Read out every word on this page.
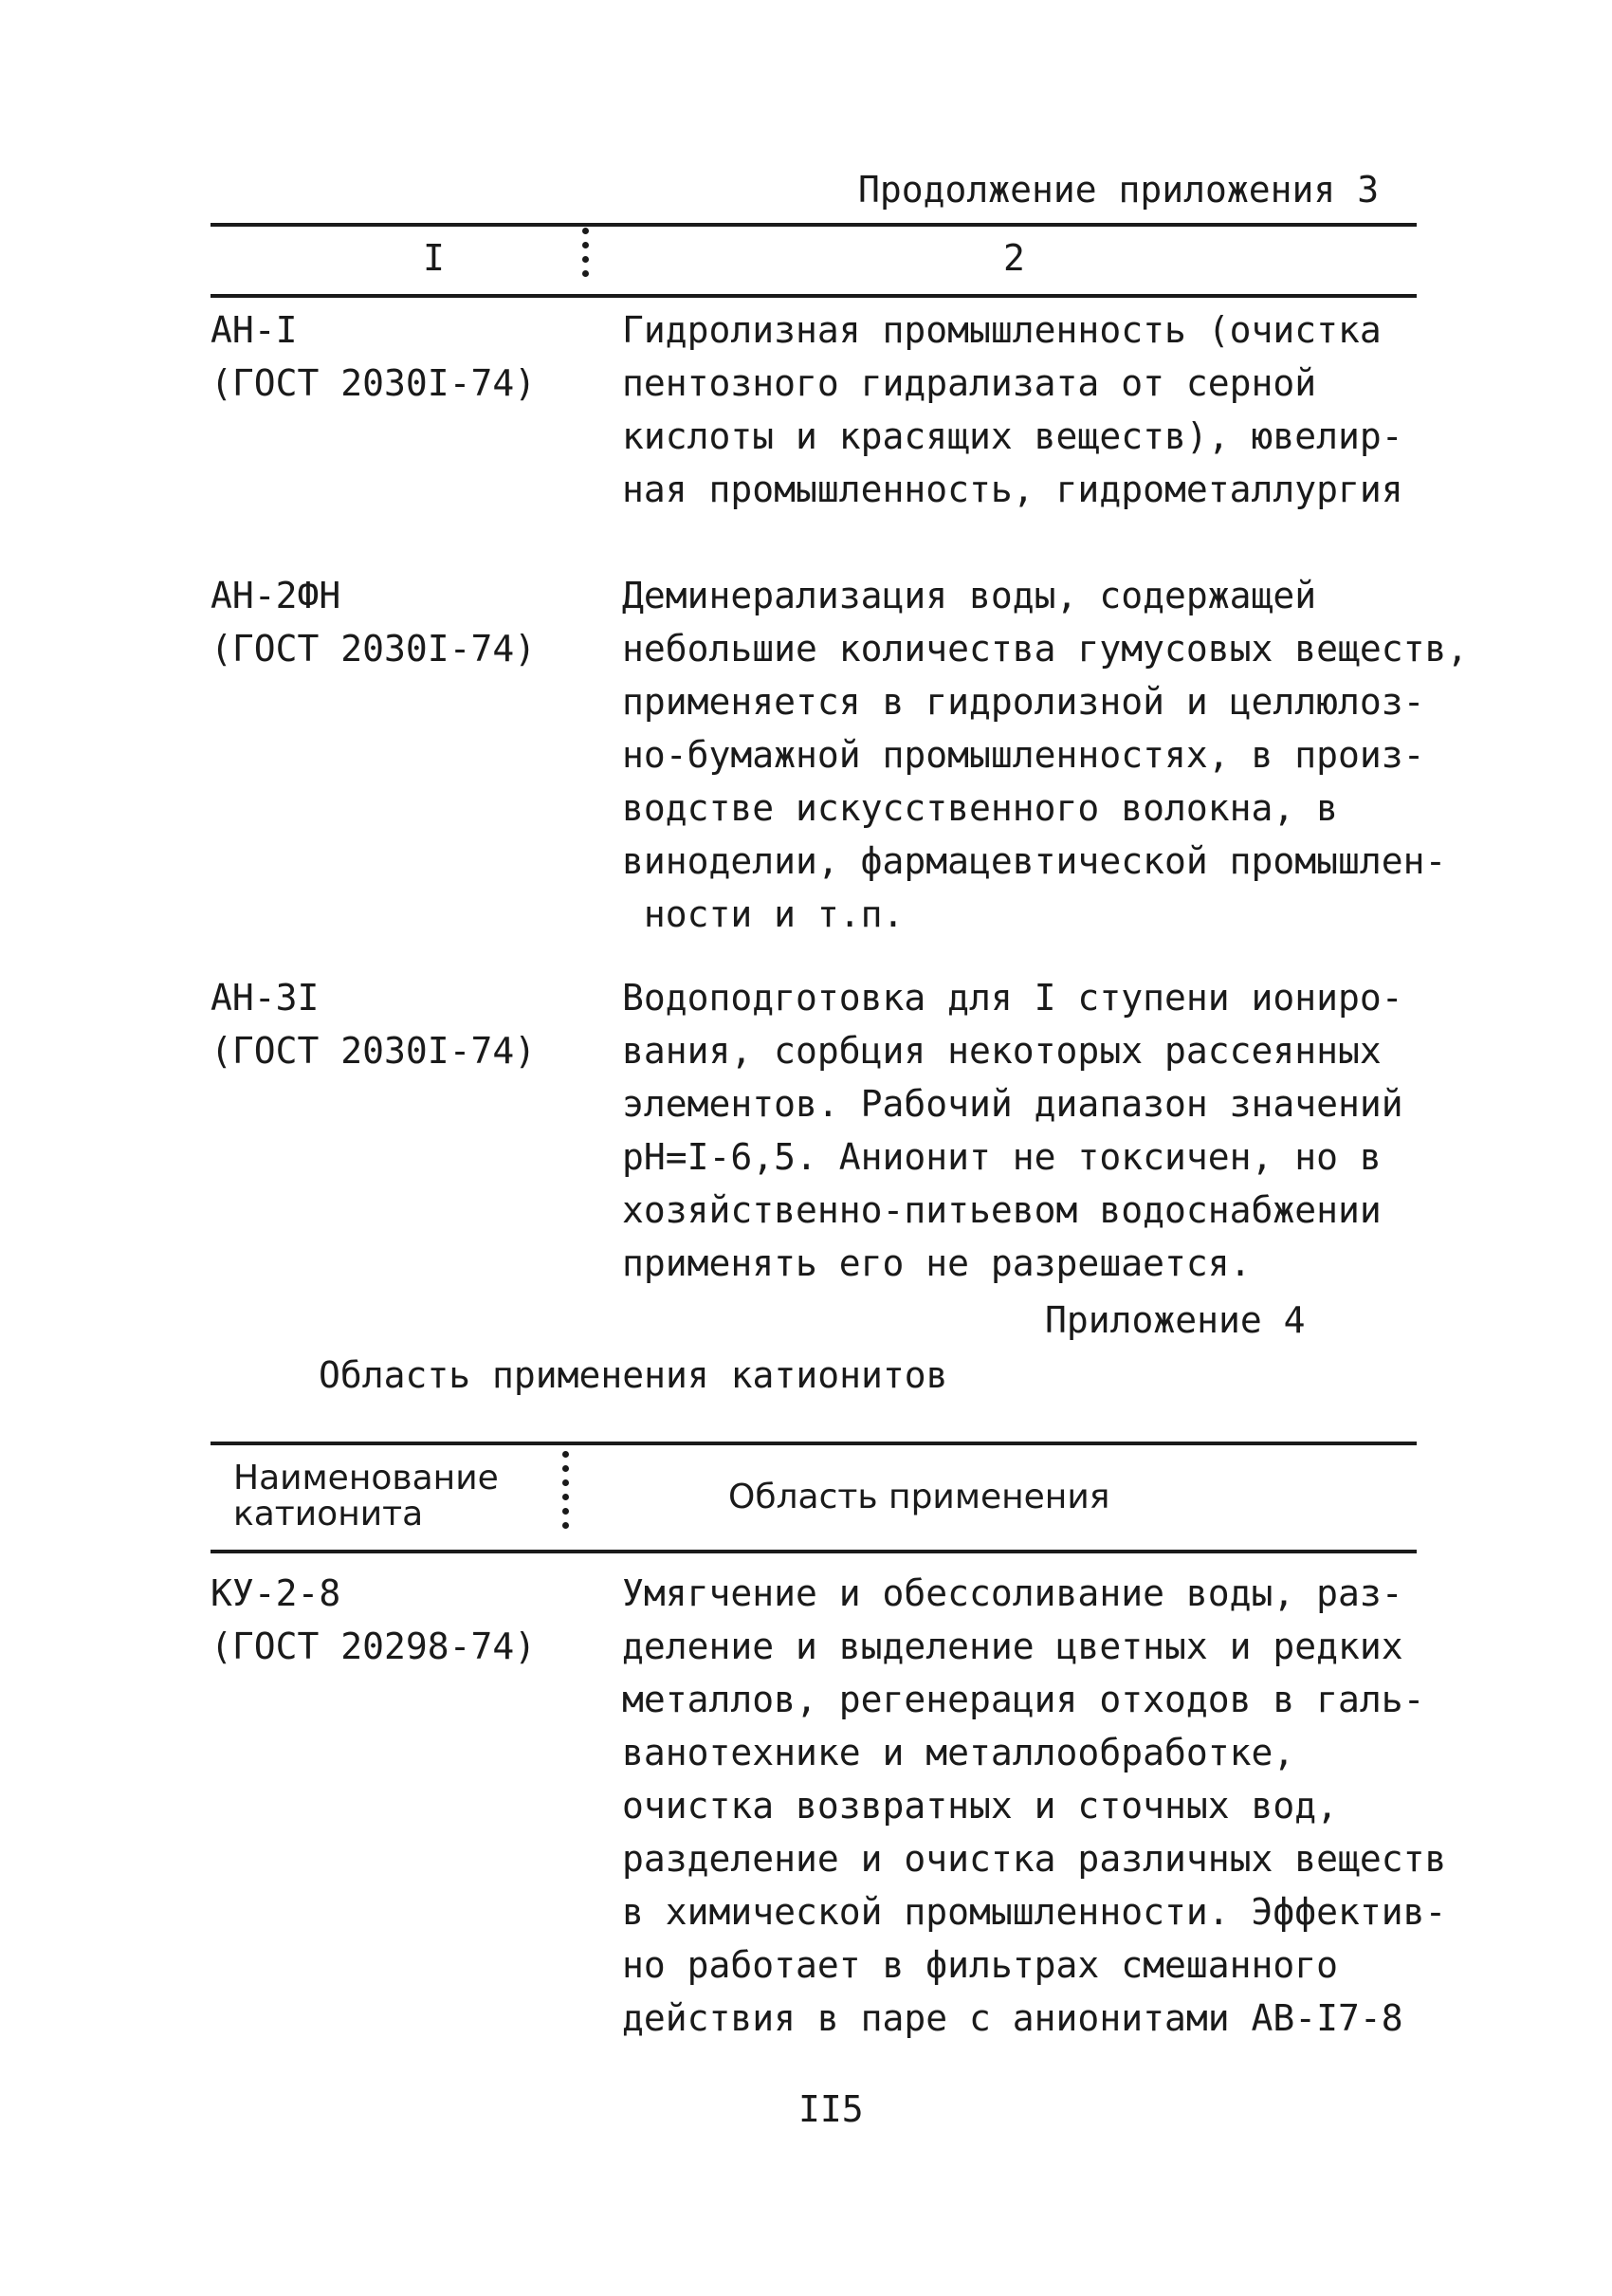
Продолжение приложения 3
I	2
АН-I
(ГОСТ 2030I-74)
Гидролизная промышленность (очистка
пентозного гидрализата от серной
кислоты и красящих веществ), ювелир-
ная промышленность, гидрометаллургия
АН-2ФН
(ГОСТ 2030I-74)
Деминерализация воды, содержащей
небольшие количества гумусовых веществ,
применяется в гидролизной и целлюлоз-
но-бумажной промышленностях, в произ-
водстве искусственного волокна, в
виноделии, фармацевтической промышлен-
ности и т.п.
АН-3I
(ГОСТ 2030I-74)
Водоподготовка для I ступени иониро-
вания, сорбция некоторых рассеянных
элементов. Рабочий диапазон значений
pH=I-6,5. Анионит не токсичен, но в
хозяйственно-питьевом водоснабжении
применять его не разрешается.
Приложение 4
Область применения катионитов
Наименование
катионита	Область применения
КУ-2-8
(ГОСТ 20298-74)
Умягчение и обессоливание воды, раз-
деление и выделение цветных и редких
металлов, регенерация отходов в галь-
ванотехнике и металлообработке,
очистка возвратных и сточных вод,
разделение и очистка различных веществ
в химической промышленности. Эффектив-
но работает в фильтрах смешанного
действия в паре с анионитами АВ-I7-8
II5
